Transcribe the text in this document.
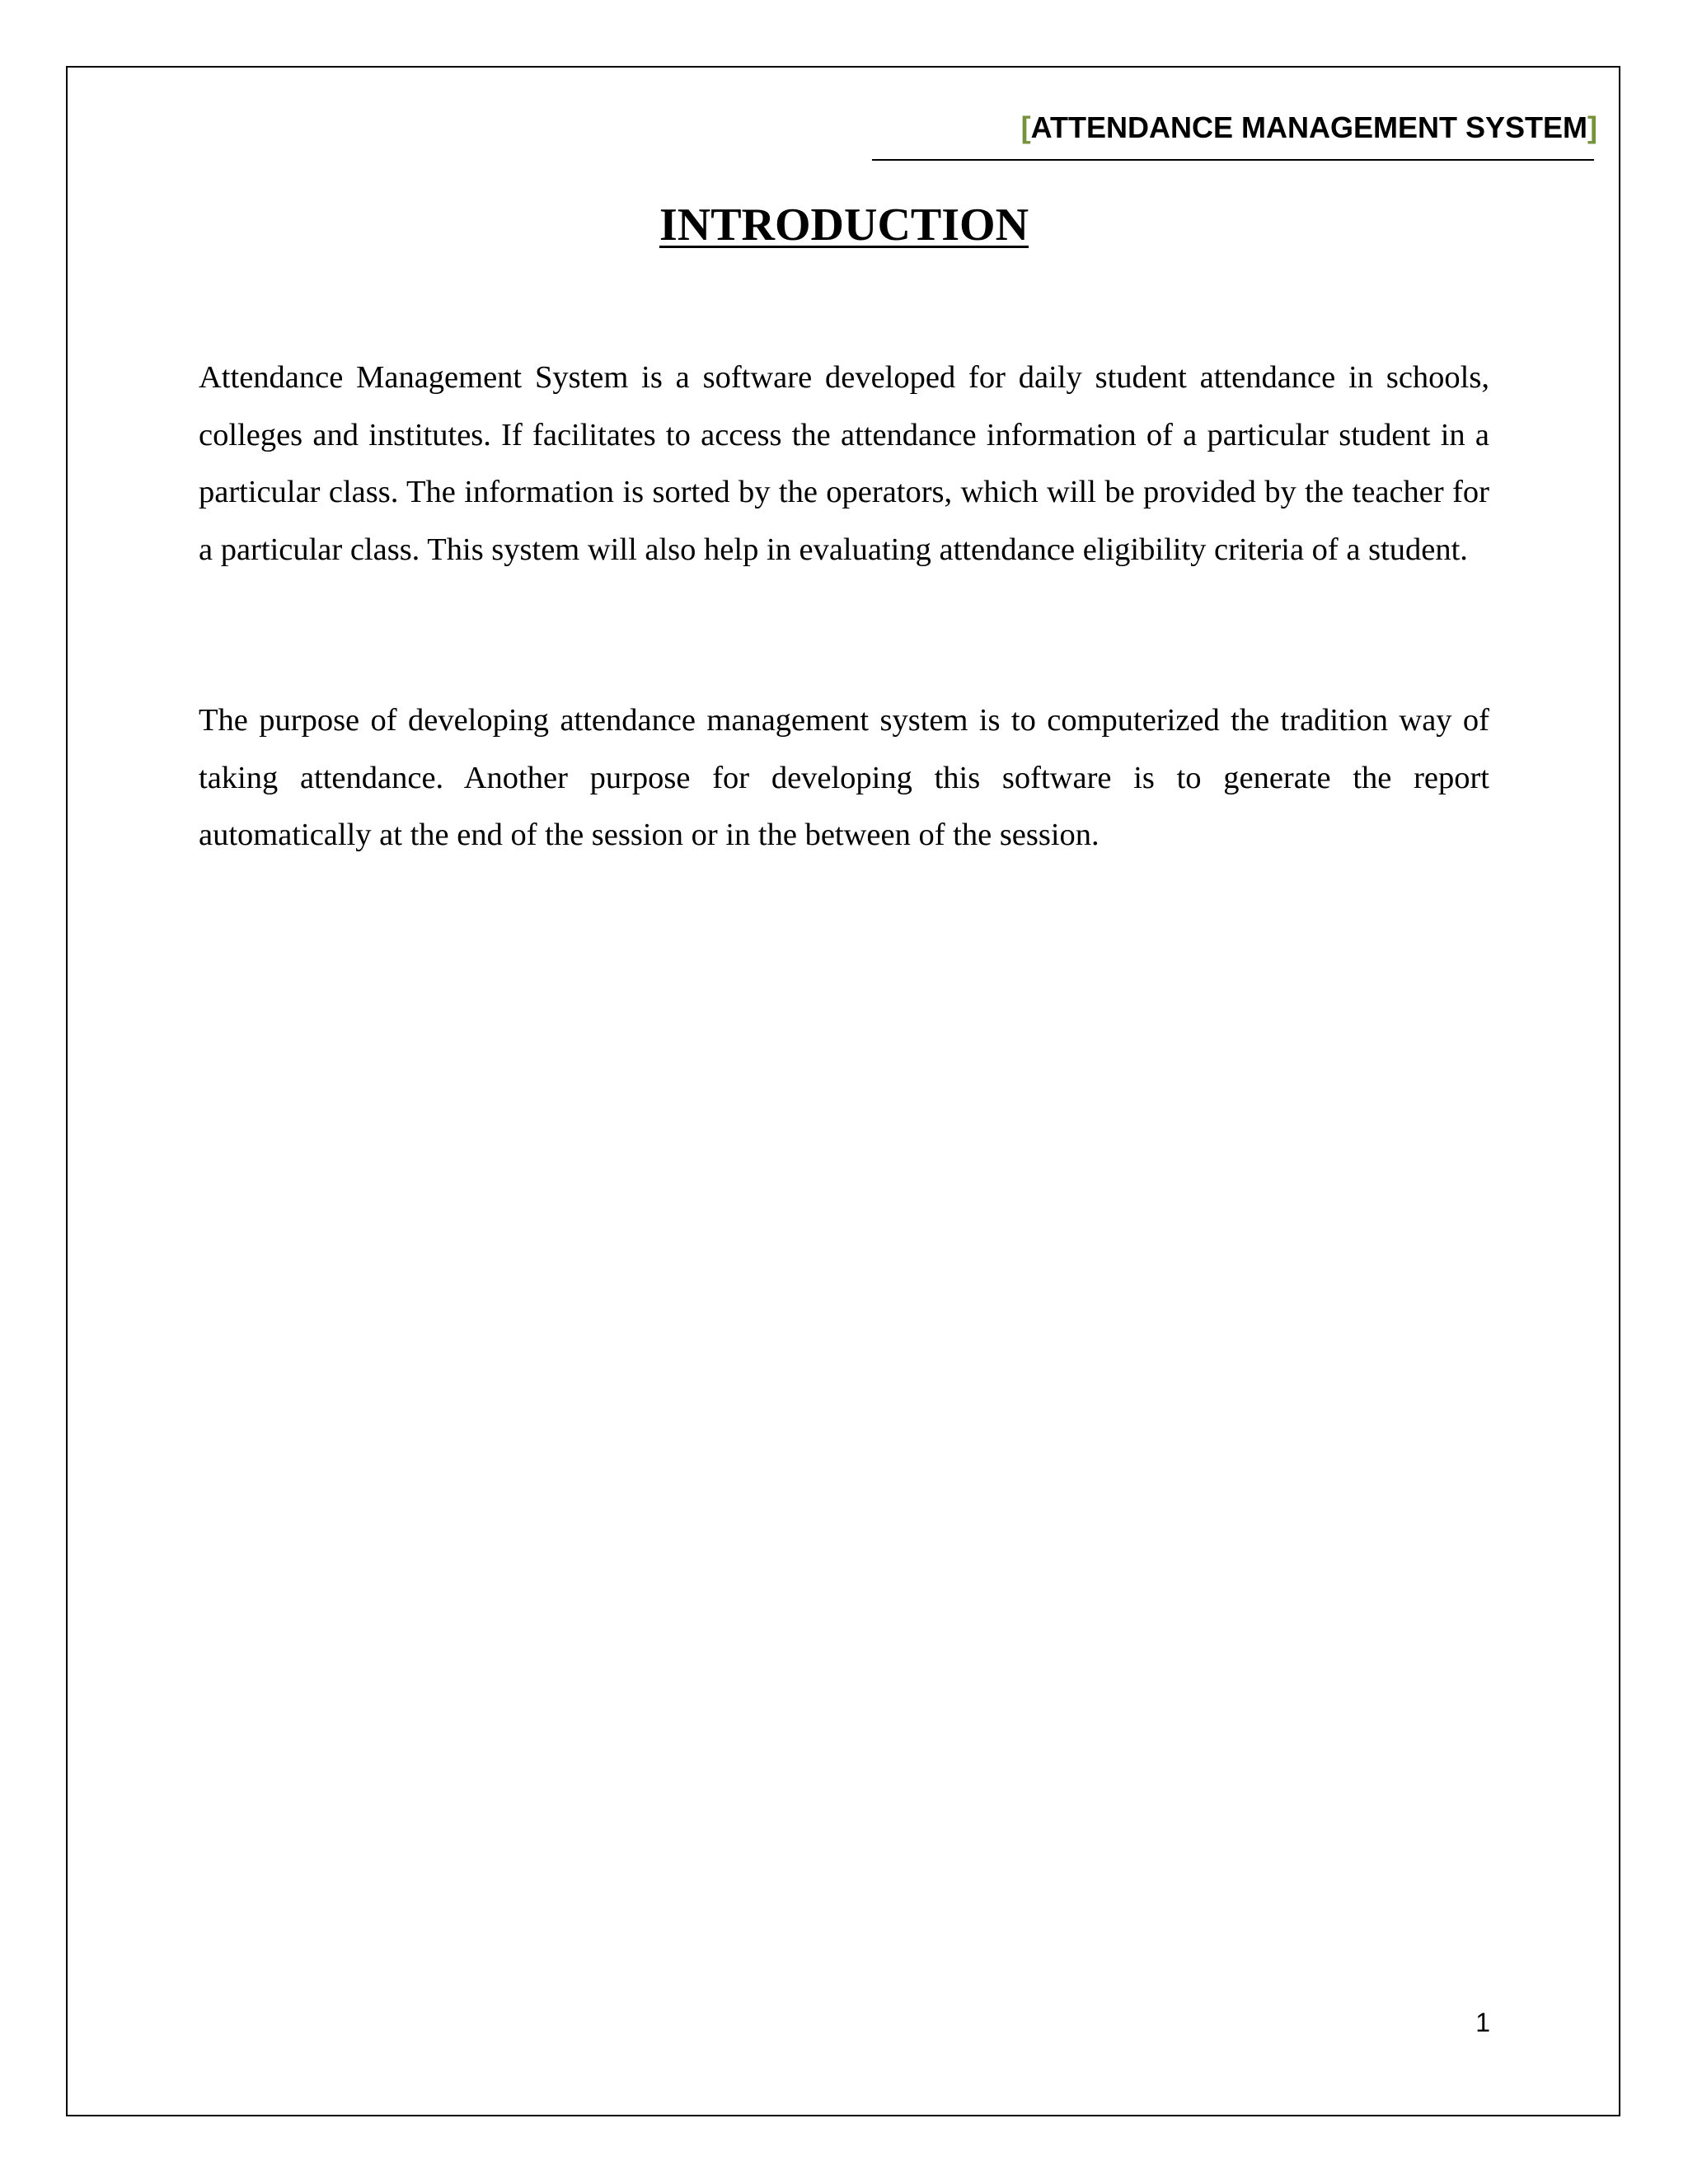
[ATTENDANCE MANAGEMENT SYSTEM]
INTRODUCTION

Attendance Management System is a software developed for daily student attendance in schools, colleges and institutes. If facilitates to access the attendance information of a particular student in a particular class. The information is sorted by the operators, which will be provided by the teacher for a particular class. This system will also help in evaluating attendance eligibility criteria of a student.

The purpose of developing attendance management system is to computerized the tradition way of taking attendance. Another purpose for developing this software is to generate the report automatically at the end of the session or in the between of the session.

1
